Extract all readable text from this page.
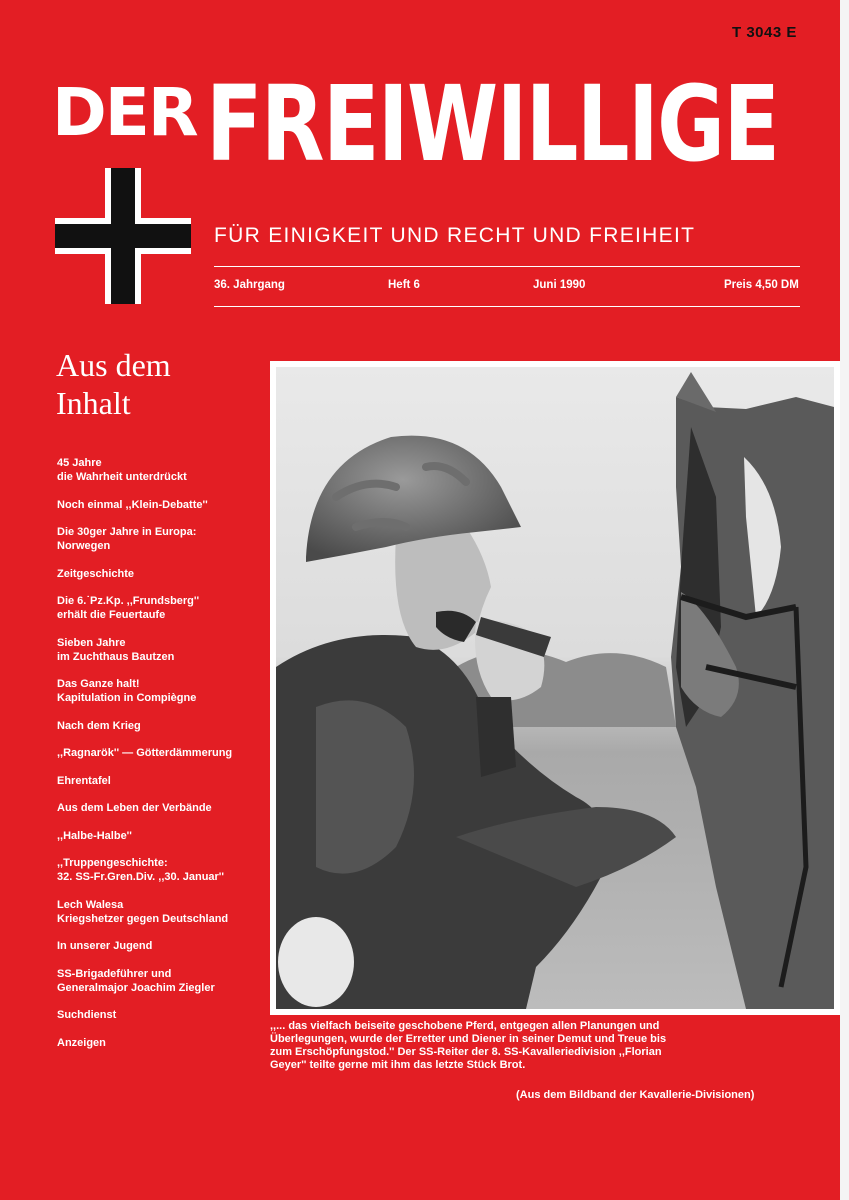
T 3043 E
DER FREIWILLIGE
FÜR EINIGKEIT UND RECHT UND FREIHEIT
36. Jahrgang	Heft 6	Juni 1990	Preis 4,50 DM
Aus dem
Inhalt
45 Jahre
die Wahrheit unterdrückt
Noch einmal ,,Klein-Debatte''
Die 30ger Jahre in Europa:
Norwegen
Zeitgeschichte
Die 6.˙Pz.Kp. ,,Frundsberg''
erhält die Feuertaufe
Sieben Jahre
im Zuchthaus Bautzen
Das Ganze halt!
Kapitulation in Compiègne
Nach dem Krieg
,,Ragnarök'' — Götterdämmerung
Ehrentafel
Aus dem Leben der Verbände
,,Halbe-Halbe''
,,Truppengeschichte:
32. SS-Fr.Gren.Div. ,,30. Januar''
Lech Walesa
Kriegshetzer gegen Deutschland
In unserer Jugend
SS-Brigadeführer und
Generalmajor Joachim Ziegler
Suchdienst
Anzeigen
,,... das vielfach beiseite geschobene Pferd, entgegen allen Planungen und
Überlegungen, wurde der Erretter und Diener in seiner Demut und Treue bis
zum Erschöpfungstod.'' Der SS-Reiter der 8. SS-Kavalleriedivision ,,Florian
Geyer'' teilte gerne mit ihm das letzte Stück Brot.
(Aus dem Bildband der Kavallerie-Divisionen)
